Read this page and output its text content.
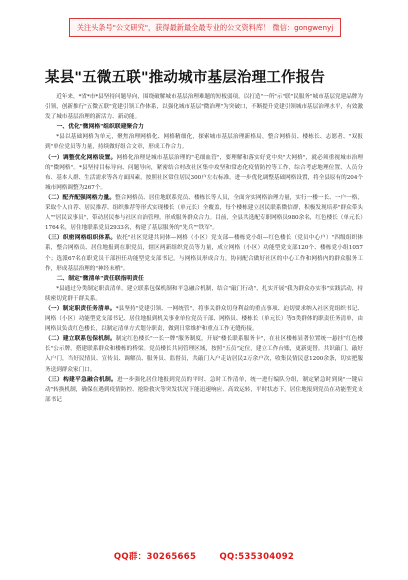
关注头条号"公文研究"，获得最新最全最专业的公文资料库！ 微信：gongwenyj
某县"五微五联"推动城市基层治理工作报告

近年来，*省*市*县坚持问题导向，围绕破解城市基层治理难题的短板弱项，以打造"一所"示"联"民服务"城市基层党建品牌为引领，创新推行"五微五联"党建引领工作体系，以强化城市基层"微治理"为突破口，不断提升党建引领城市基层治理水平，有效激发了城市基层治理的新活力、新动能。

一、优化"微网格"组织联建聚合力

*县以基础网格为单元，聚焦治理网格化、网格精细化，探索城市基层治理新格局，整合网格员、楼栋长、志愿者、"双报到"单位党员等力量，持续做好组合文章，形成工作合力。

（一）调整优化网格设置。网格化治理是城市基层治理的"毛细血管"，要理解和落实好党中央"大网格"，就必须重视城市治理的"微网格"。*县坚持目标导向、问题导向，紧密结合村改社区集中攻坚和常态化疫情防控等工作，综合考虑地理位置、人员分布、基本人群、生活需求等各方面因素，按照社区常住居民300户左右标准，进一步优化调整基础网格设置，将全县原有的204个城市网格调整为267个。

（二）配齐配强网格力量。整合网格员、居住地联系党员、楼栋长等人员，全面夯实网格治理力量，实行一楼一长、一户一格，采取个人自荐、居民推荐、组织推荐等形式实现楼长（单元长）全覆盖，每个楼栋建立居民联系微信群，积极发现培养"群众带头人""居民议事员"，带动居民参与社区自治管理，形成服务群众合力。目前，全县共选配专职网格员980余名，红色楼长（单元长）1764名，居住地联系党员2933名，构建了基层服务的"先兵""铁军"。

（三）织密网格组织体系。依托"社区党建共同体—网格（小区）党支部—楼栋党小组—红色楼长（党员中心户）"四级组织体系，整合网格员、居住地报到在职党员，辖区两新组织党员等力量，成立网格（小区）功能型党支部120个、楼栋党小组1057个；选派67名在职党员干部担任功能型党支部书记，与网格员形成合力，协同配合做好社区的中心工作和网格内的群众服务工作，形成基层治理的"神经末梢"。

二、制定"微清单"责任联指明责任

*县通过分类制定职责清单，建立联系包保机制和平急融合机制，结合"敲门行动"，扎实开展"我为群众办实事"实践活动，持续密切党群干群关系。

（一）制定职责任务清单。*县坚持"党建引领、一网统管"，将事关群众切身利益的重点事项、迫切要求纳入社区党组织书记、网格（小区）功能型党支部书记、居住地报到机关事业单位党员干部、网格员、楼栋长（单元长）等5类群体的职责任务清单，由网格员负责红色楼长，以制定清单方式划分职责，做到日常维护和重点工作无缝衔接。

（二）建立联系包保机制。制定红色楼长"一长一牌"服务制度，开展"楼长联系服务卡"，在社区楼栋显著位置统一悬挂"红色楼长"公示牌，搭建联系群众和楼栋的桥梁。党员楼长共同管理区域，按照"五员"定位，建立工作台账，更新更替。共识敲门，敲好入户门，当好民情员、宣传员、调解员、服务员、监督员，共敲门入户走访居民2万余户次，收集民情民意1200余条，切实把服务送到群众家门口。

（三）构建平急融合机制。进一步强化居住地报到党员的平时、急时工作清单，统一进行编队分组，制定紧急时到岗"一键启动"转换机制，确保在遇到疫情防控、抢险救灾等突发状况下能迅速响应、高效运转，平时状态下，居住地报到党员在功能型党支部书记

QQ群：30265665	QQ:535304092
